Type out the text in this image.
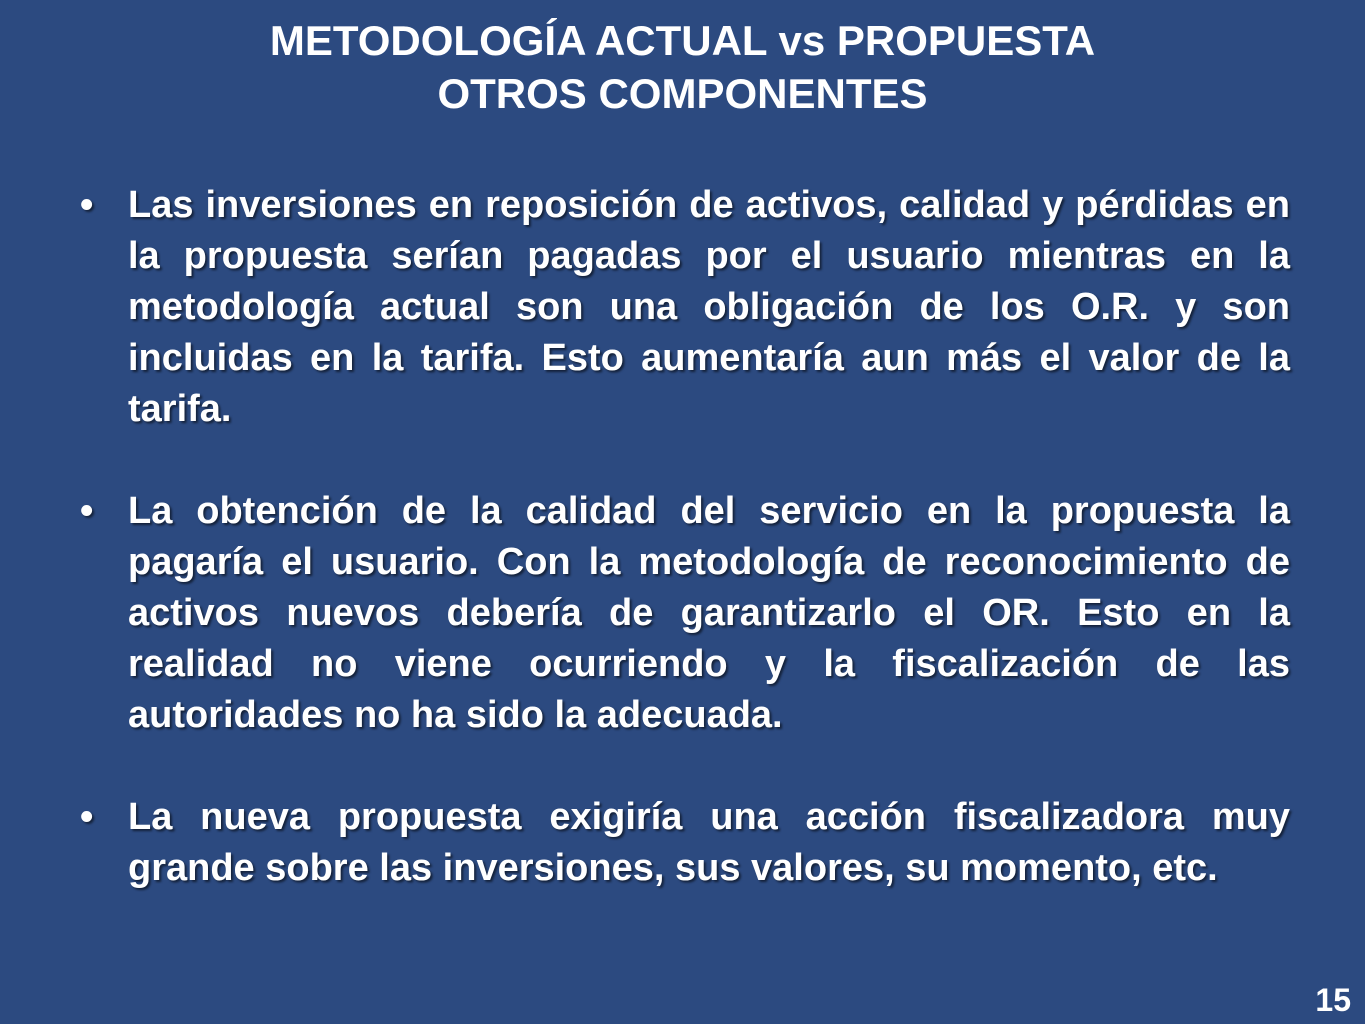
METODOLOGÍA ACTUAL vs PROPUESTA
OTROS COMPONENTES
• Las inversiones en reposición de activos, calidad y pérdidas en la propuesta serían pagadas por el usuario mientras en la metodología actual son una obligación de los O.R. y son incluidas en la tarifa. Esto aumentaría aun más el valor de la tarifa.
• La obtención de la calidad del servicio en la propuesta la pagaría el usuario. Con la metodología de reconocimiento de activos nuevos debería de garantizarlo el OR. Esto en la realidad no viene ocurriendo y la fiscalización de las autoridades no ha sido la adecuada.
• La nueva propuesta exigiría una acción fiscalizadora muy grande sobre las inversiones, sus valores, su momento, etc.
15
